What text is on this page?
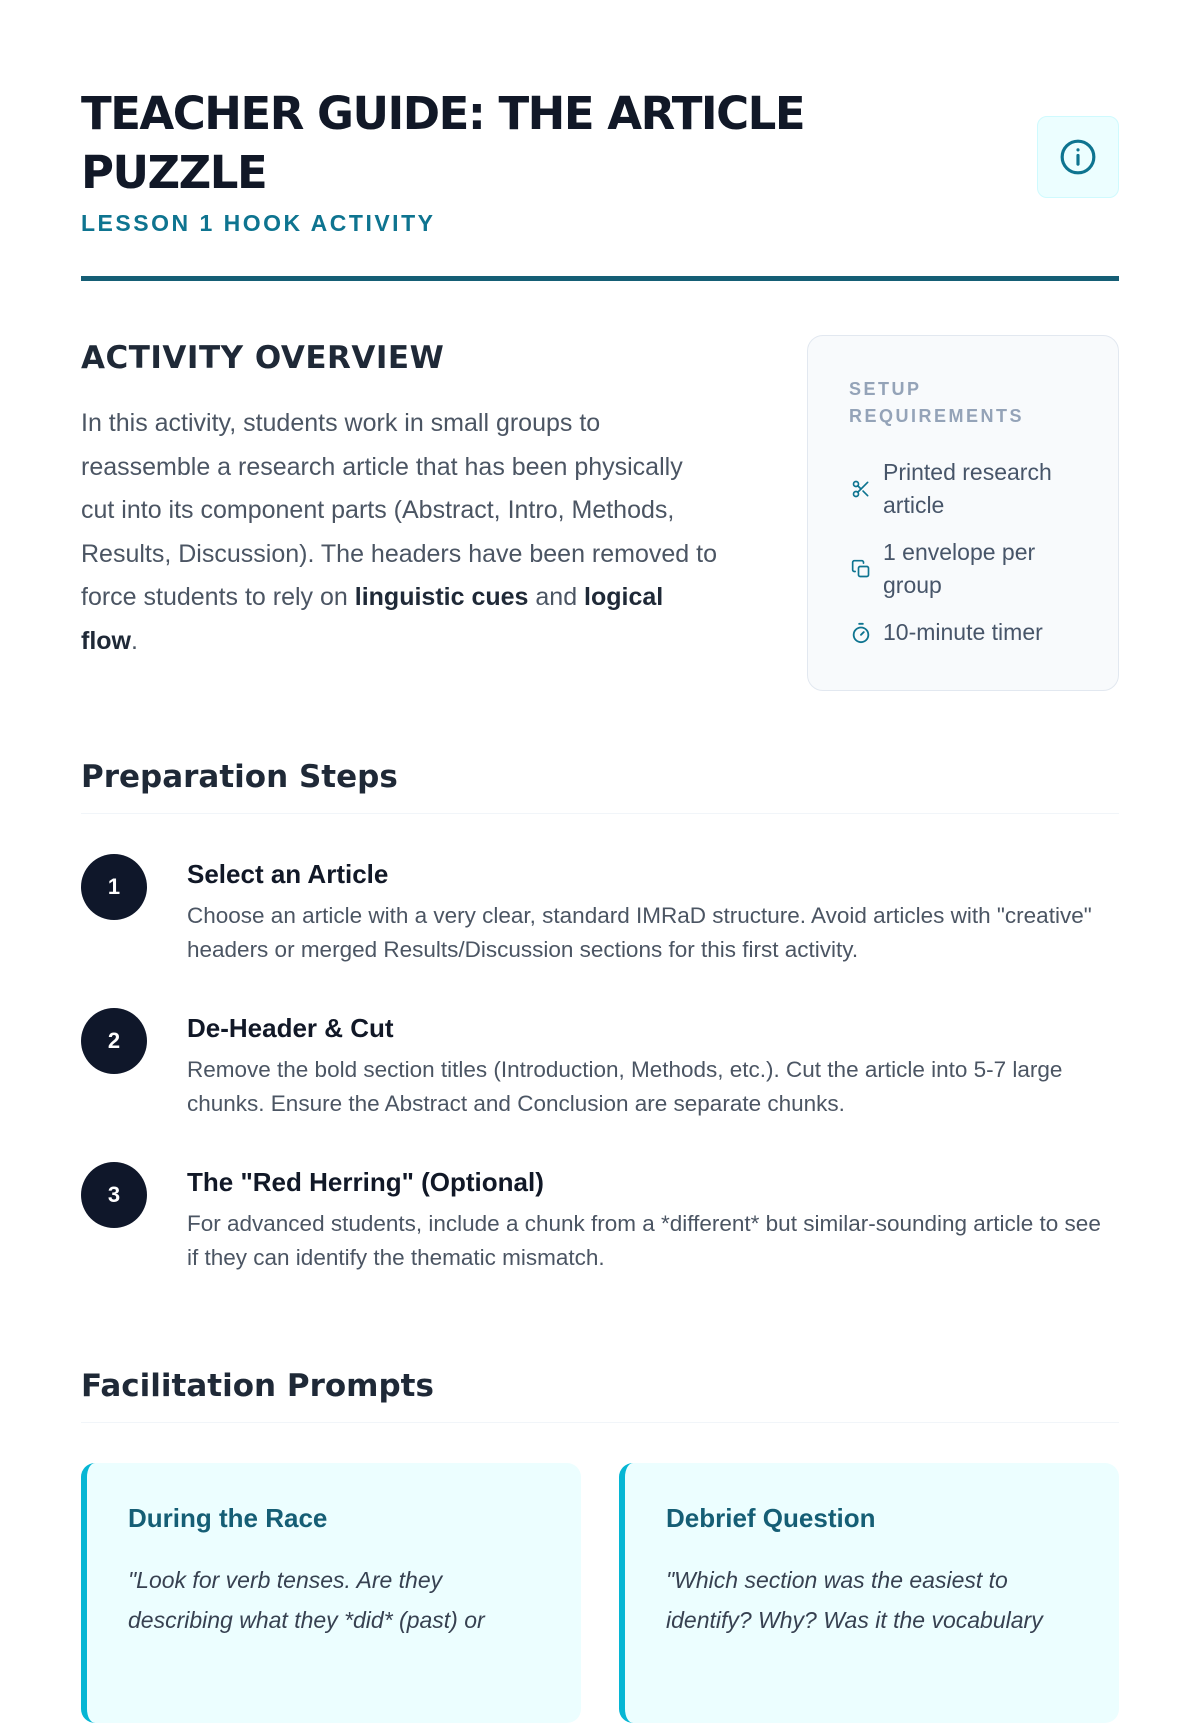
TEACHER GUIDE: THE ARTICLE PUZZLE
LESSON 1 HOOK ACTIVITY
ACTIVITY OVERVIEW

In this activity, students work in small groups to reassemble a research article that has been physically cut into its component parts (Abstract, Intro, Methods, Results, Discussion). The headers have been removed to force students to rely on linguistic cues and logical flow.

SETUP REQUIREMENTS
Printed research article
1 envelope per group
10-minute timer
Preparation Steps
1	Select an Article
Choose an article with a very clear, standard IMRaD structure. Avoid articles with "creative" headers or merged Results/Discussion sections for this first activity.
2	De-Header & Cut
Remove the bold section titles (Introduction, Methods, etc.). Cut the article into 5-7 large chunks. Ensure the Abstract and Conclusion are separate chunks.
3	The "Red Herring" (Optional)
For advanced students, include a chunk from a *different* but similar-sounding article to see if they can identify the thematic mismatch.
Facilitation Prompts
During the Race
"Look for verb tenses. Are they describing what they *did* (past) or
Debrief Question
"Which section was the easiest to identify? Why? Was it the vocabulary
